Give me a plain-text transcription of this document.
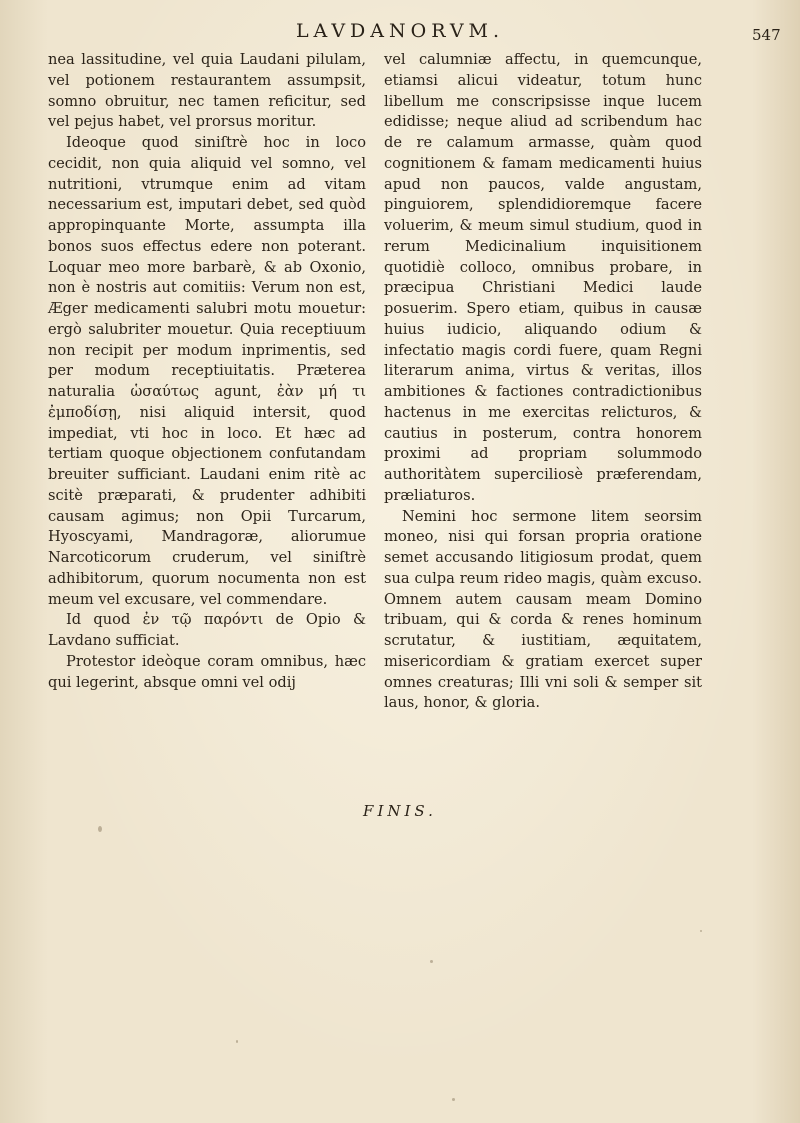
LAVDANORVM.	547

nea lassitudine, vel quia Laudani pilulam, vel potionem restaurantem assumpsit, somno obruitur, nec tamen reficitur, sed vel pejus habet, vel prorsus moritur.

Ideoque quod siniſtrè hoc in loco cecidit, non quia aliquid vel somno, vel nutritioni, vtrumque enim ad vitam necessarium est, imputari debet, sed quòd appropinquante Morte, assumpta illa bonos suos effectus edere non poterant. Loquar meo more barbarè, & ab Oxonio, non è nostris aut comitiis: Verum non est, Æger medicamenti salubri motu mouetur: ergò salubriter mouetur. Quia receptiuum non recipit per modum inprimentis, sed per modum receptiuitatis. Præterea naturalia ὡσαύτως agunt, ἐὰν μή τι ἐμποδίσῃ, nisi aliquid intersit, quod impediat, vti hoc in loco. Et hæc ad tertiam quoque objectionem confutandam breuiter sufficiant. Laudani enim ritè ac scitè præparati, & prudenter adhibiti causam agimus; non Opii Turcarum, Hyoscyami, Mandragoræ, aliorumue Narcoticorum cruderum, vel siniſtrè adhibitorum, quorum nocumenta non est meum vel excusare, vel commendare.

Id quod ἐν τῷ παρόντι de Opio & Lavdano sufficiat.

Protestor ideòque coram omnibus, hæc qui legerint, absque omni vel odij

vel calumniæ affectu, in quemcunque, etiamsi alicui videatur, totum hunc libellum me conscripsisse inque lucem edidisse; neque aliud ad scribendum hac de re calamum armasse, quàm quod cognitionem & famam medicamenti huius apud non paucos, valde angustam, pinguiorem, splendidioremque facere voluerim, & meum simul studium, quod in rerum Medicinalium inquisitionem quotidiè colloco, omnibus probare, in præcipua Christiani Medici laude posuerim. Spero etiam, quibus in causæ huius iudicio, aliquando odium & infectatio magis cordi fuere, quam Regni literarum anima, virtus & veritas, illos ambitiones & factiones contradictionibus hactenus in me exercitas relicturos, & cautius in posterum, contra honorem proximi ad propriam solummodo authoritàtem superciliosè præferendam, præliaturos.

Nemini hoc sermone litem seorsim moneo, nisi qui forsan propria oratione semet accusando litigiosum prodat, quem sua culpa reum rideo magis, quàm excuso. Omnem autem causam meam Domino tribuam, qui & corda & renes hominum scrutatur, & iustitiam, æquitatem, misericordiam & gratiam exercet super omnes creaturas; Illi vni soli & semper sit laus, honor, & gloria.

FINIS.
